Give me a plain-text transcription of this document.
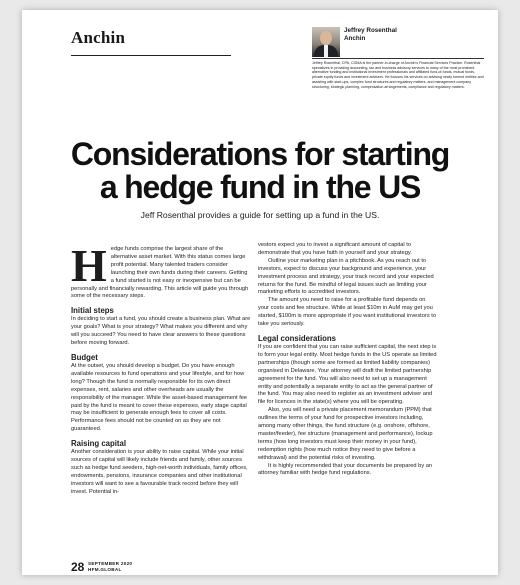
Anchin	Jeffrey Rosenthal
Anchin
Jeffrey Rosenthal, CPA, CGMA is the partner-in-charge of Anchin's Financial Services Practice. Rosenthal specializes in providing accounting, tax and business advisory services to many of the most prominent alternative funding and institutional investment professionals and affiliated fund-of-funds, mutual funds, private equity funds and investment advisers. He focuses his services on advising newly formed entities and assisting with start-ups, complex fund structures and regulatory matters, and management company structuring, strategic planning, compensation arrangements, compliance and regulatory matters.
Considerations for starting
a hedge fund in the US
Jeff Rosenthal provides a guide for setting up a fund in the US.

Hedge funds comprise the largest share of the alternative asset market. With this status comes large profit potential. Many talented traders consider launching their own funds during their careers. Getting a fund started is not easy or inexpensive but can be personally and financially rewarding. This article will guide you through some of the necessary steps.

Initial steps

In deciding to start a fund, you should create a business plan. What are your goals? What is your strategy? What makes you different and why will you succeed? You need to have clear answers to these questions before moving forward.

Budget

At the outset, you should develop a budget. Do you have enough available resources to fund operations and your lifestyle, and for how long? Though the fund is normally responsible for its own direct expenses, rent, salaries and other overheads are usually the responsibility of the manager. While the asset-based management fee paid by the fund is meant to cover these expenses, early stage capital may be insufficient to generate enough fees to cover all costs. Performance fees should not be counted on as they are not guaranteed.

Raising capital

Another consideration is your ability to raise capital. While your initial sources of capital will likely include friends and family, other sources such as hedge fund seeders, high-net-worth individuals, family offices, endowments, pensions, insurance companies and other institutional investors will want to see a favourable track record before they will invest. Potential in-

vestors expect you to invest a significant amount of capital to demonstrate that you have faith in yourself and your strategy.

Outline your marketing plan in a pitchbook. As you reach out to investors, expect to discuss your background and experience, your investment process and strategy, your track record and your expected returns for the fund. Be mindful of legal issues such as limiting your marketing efforts to accredited investors.

The amount you need to raise for a profitable fund depends on your costs and fee structure. While at least $10m in AuM may get you started, $100m is more appropriate if you want institutional investors to take you seriously.

Legal considerations

If you are confident that you can raise sufficient capital, the next step is to form your legal entity. Most hedge funds in the US operate as limited partnerships (though some are formed as limited liability companies) organised in Delaware. Your attorney will draft the limited partnership agreement for the fund. You will also need to set up a management entity and potentially a separate entity to act as the general partner of the fund. You may also need to register as an investment adviser and file for licences in the state(s) where you will be operating.

Also, you will need a private placement memorandum (PPM) that outlines the terms of your fund for prospective investors including, among many other things, the fund structure (e.g. onshore, offshore, master/feeder), fee structure (management and performance), lockup terms (how long investors must keep their money in your fund), redemption rights (how much notice they need to give before a withdrawal) and the potential risks of investing.

It is highly recommended that your documents be prepared by an attorney familiar with hedge fund regulations.

28 SEPTEMBER 2020
HFM.GLOBAL
